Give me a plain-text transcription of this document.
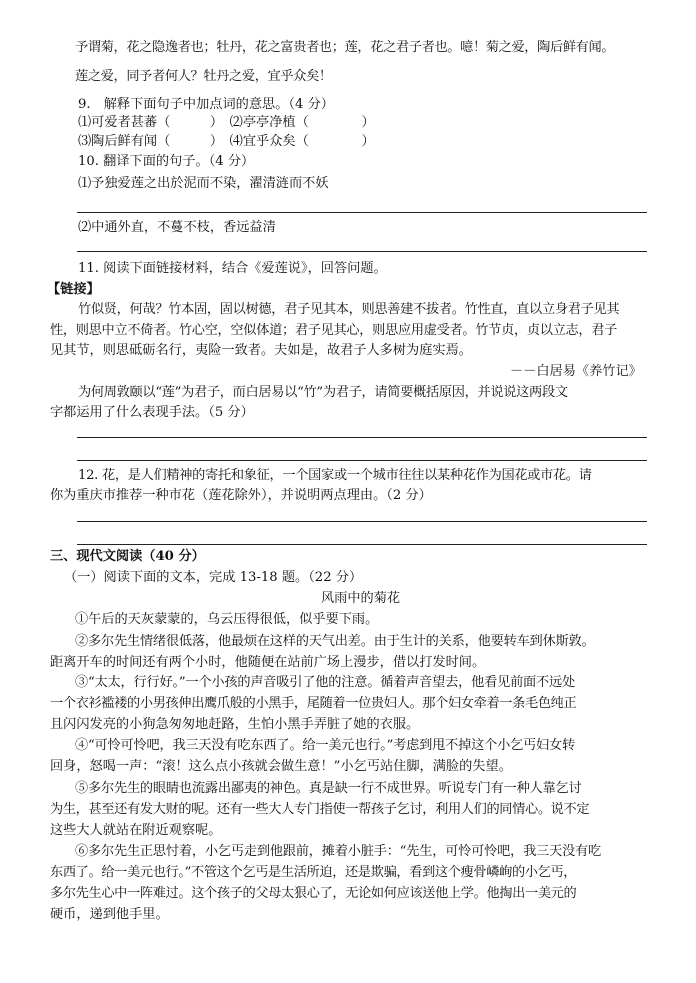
予谓菊，花之隐逸者也；牡丹，花之富贵者也；莲，花之君子者也。噫！菊之爱，陶后鲜有闻。
莲之爱，同予者何人？牡丹之爱，宜乎众矣！
9.　解释下面句子中加点词的意思。（4 分）
⑴可爱者甚蕃（　　　）　⑵亭亭净植（　　　　）
⑶陶后鲜有闻（　　　）　⑷宜乎众矣（　　　　）
10. 翻译下面的句子。（4 分）
⑴予独爱莲之出於泥而不染，濯清涟而不妖
⑵中通外直，不蔓不枝，香远益清
11. 阅读下面链接材料，结合《爱莲说》，回答问题。
【链接】
竹似贤，何哉？竹本固，固以树德，君子见其本，则思善建不拔者。竹性直，直以立身君子见其
性，则思中立不倚者。竹心空，空似体道；君子见其心，则思应用虚受者。竹节贞，贞以立志，君子
见其节，则思砥砺名行，夷险一致者。夫如是，故君子人多树为庭实焉。
－－白居易《养竹记》
为何周敦颐以“莲”为君子，而白居易以“竹”为君子，请简要概括原因，并说说这两段文
字都运用了什么表现手法。（5 分）
12. 花，是人们精神的寄托和象征，一个国家或一个城市往往以某种花作为国花或市花。请
你为重庆市推荐一种市花（莲花除外），并说明两点理由。（2 分）
三、现代文阅读（40 分）
（一）阅读下面的文本，完成 13-18 题。（22 分）
风雨中的菊花
①午后的天灰蒙蒙的，乌云压得很低，似乎要下雨。
②多尔先生情绪很低落，他最烦在这样的天气出差。由于生计的关系，他要转车到休斯敦。
距离开车的时间还有两个小时，他随便在站前广场上漫步，借以打发时间。
③“太太，行行好。”一个小孩的声音吸引了他的注意。循着声音望去，他看见前面不远处
一个衣衫褴褛的小男孩伸出鹰爪般的小黑手，尾随着一位贵妇人。那个妇女牵着一条毛色纯正
且闪闪发亮的小狗急匆匆地赶路，生怕小黑手弄脏了她的衣服。
④“可怜可怜吧，我三天没有吃东西了。给一美元也行。”考虑到甩不掉这个小乞丐妇女转
回身，怒喝一声：“滚！这么点小孩就会做生意！”小乞丐站住脚，满脸的失望。
⑤多尔先生的眼睛也流露出鄙夷的神色。真是缺一行不成世界。听说专门有一种人靠乞讨
为生，甚至还有发大财的呢。还有一些大人专门指使一帮孩子乞讨，利用人们的同情心。说不定
这些大人就站在附近观察呢。
⑥多尔先生正思忖着，小乞丐走到他跟前，摊着小脏手：“先生，可怜可怜吧，我三天没有吃
东西了。给一美元也行。”不管这个乞丐是生活所迫，还是欺骗，看到这个瘦骨嶙峋的小乞丐，
多尔先生心中一阵难过。这个孩子的父母太狠心了，无论如何应该送他上学。他掏出一美元的
硬币，递到他手里。
